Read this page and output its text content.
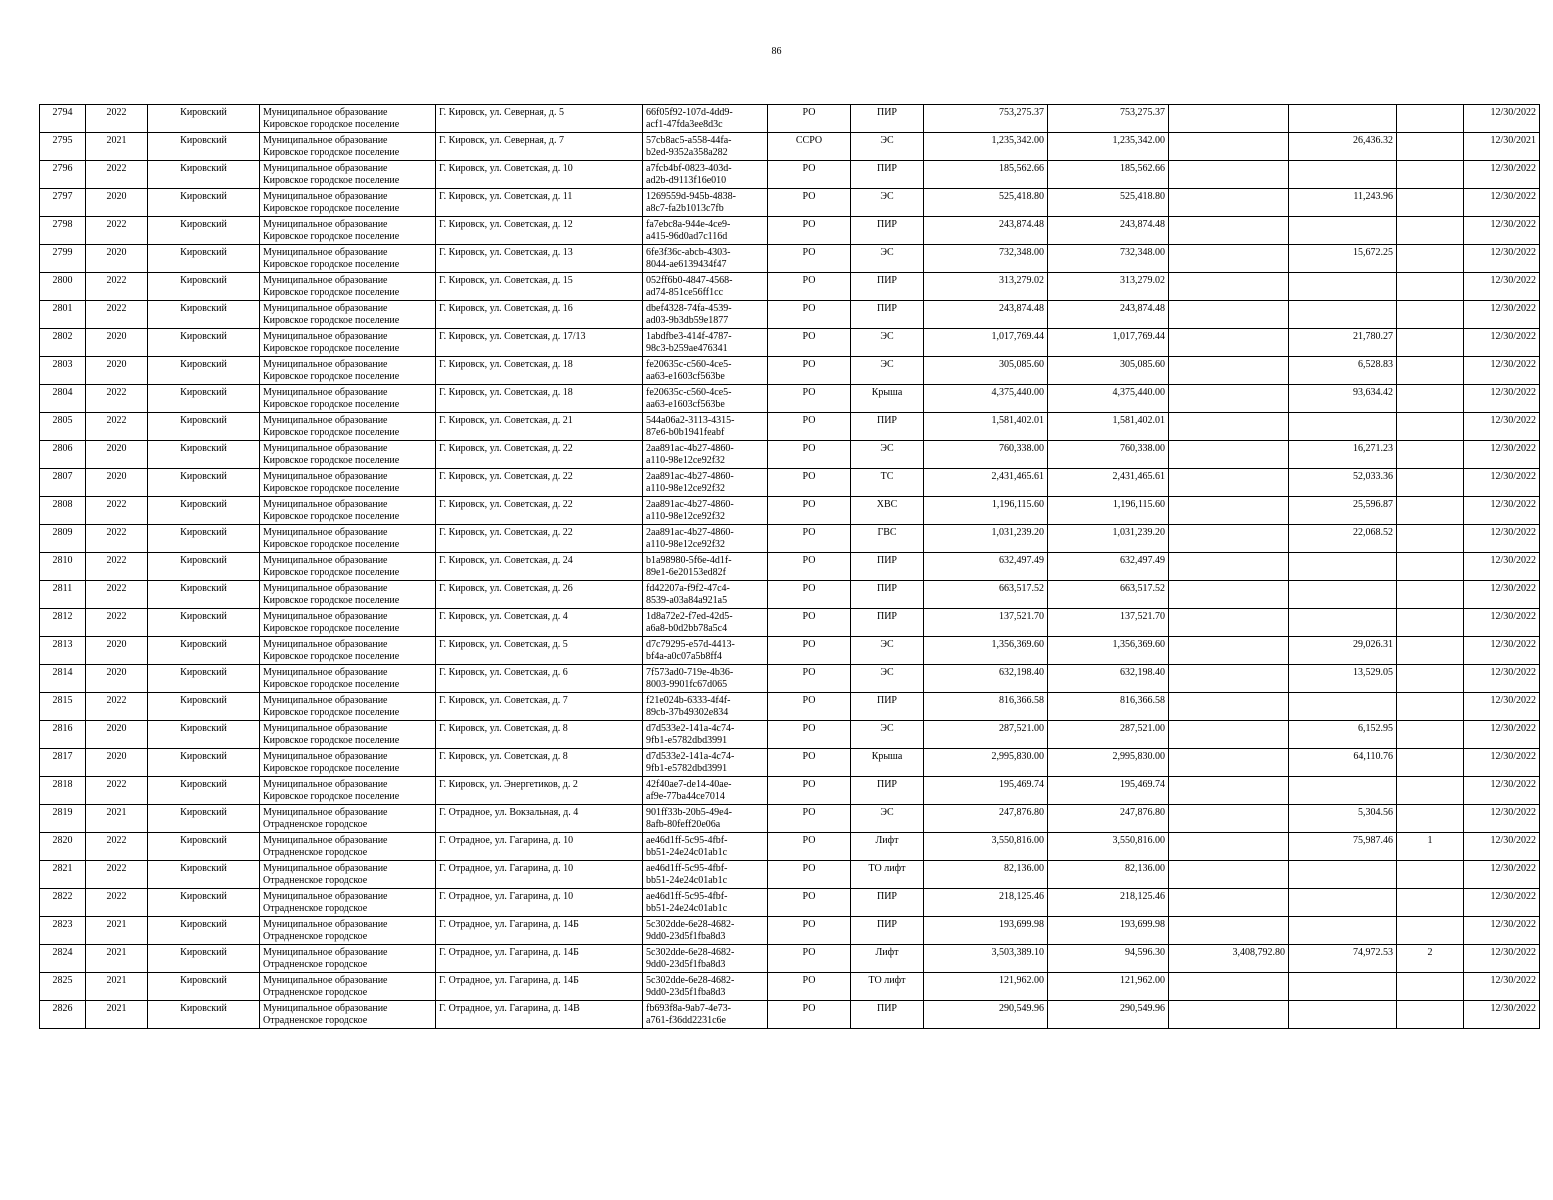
86
2794	2022	Кировский	Муниципальное образование
Кировское городское поселение	Г. Кировск, ул. Северная, д. 5	66f05f92-107d-4dd9-
acf1-47fda3ee8d3c	РО	ПИР	753,275.37	753,275.37				12/30/2022
2795	2021	Кировский	Муниципальное образование
Кировское городское поселение	Г. Кировск, ул. Северная, д. 7	57cb8ac5-a558-44fa-
b2ed-9352a358a282	ССРО	ЭС	1,235,342.00	1,235,342.00		26,436.32		12/30/2021
2796	2022	Кировский	Муниципальное образование
Кировское городское поселение	Г. Кировск, ул. Советская, д. 10	a7fcb4bf-0823-403d-
ad2b-d9113f16e010	РО	ПИР	185,562.66	185,562.66				12/30/2022
2797	2020	Кировский	Муниципальное образование
Кировское городское поселение	Г. Кировск, ул. Советская, д. 11	1269559d-945b-4838-
a8c7-fa2b1013c7fb	РО	ЭС	525,418.80	525,418.80		11,243.96		12/30/2022
2798	2022	Кировский	Муниципальное образование
Кировское городское поселение	Г. Кировск, ул. Советская, д. 12	fa7ebc8a-944e-4ce9-
a415-96d0ad7c116d	РО	ПИР	243,874.48	243,874.48				12/30/2022
2799	2020	Кировский	Муниципальное образование
Кировское городское поселение	Г. Кировск, ул. Советская, д. 13	6fe3f36c-abcb-4303-
8044-ae6139434f47	РО	ЭС	732,348.00	732,348.00		15,672.25		12/30/2022
2800	2022	Кировский	Муниципальное образование
Кировское городское поселение	Г. Кировск, ул. Советская, д. 15	052ff6b0-4847-4568-
ad74-851ce56ff1cc	РО	ПИР	313,279.02	313,279.02				12/30/2022
2801	2022	Кировский	Муниципальное образование
Кировское городское поселение	Г. Кировск, ул. Советская, д. 16	dbef4328-74fa-4539-
ad03-9b3db59e1877	РО	ПИР	243,874.48	243,874.48				12/30/2022
2802	2020	Кировский	Муниципальное образование
Кировское городское поселение	Г. Кировск, ул. Советская, д. 17/13	1abdfbe3-414f-4787-
98c3-b259ae476341	РО	ЭС	1,017,769.44	1,017,769.44		21,780.27		12/30/2022
2803	2020	Кировский	Муниципальное образование
Кировское городское поселение	Г. Кировск, ул. Советская, д. 18	fe20635c-c560-4ce5-
aa63-e1603cf563be	РО	ЭС	305,085.60	305,085.60		6,528.83		12/30/2022
2804	2022	Кировский	Муниципальное образование
Кировское городское поселение	Г. Кировск, ул. Советская, д. 18	fe20635c-c560-4ce5-
aa63-e1603cf563be	РО	Крыша	4,375,440.00	4,375,440.00		93,634.42		12/30/2022
2805	2022	Кировский	Муниципальное образование
Кировское городское поселение	Г. Кировск, ул. Советская, д. 21	544a06a2-3113-4315-
87e6-b0b1941feabf	РО	ПИР	1,581,402.01	1,581,402.01				12/30/2022
2806	2020	Кировский	Муниципальное образование
Кировское городское поселение	Г. Кировск, ул. Советская, д. 22	2aa891ac-4b27-4860-
a110-98e12ce92f32	РО	ЭС	760,338.00	760,338.00		16,271.23		12/30/2022
2807	2020	Кировский	Муниципальное образование
Кировское городское поселение	Г. Кировск, ул. Советская, д. 22	2aa891ac-4b27-4860-
a110-98e12ce92f32	РО	ТС	2,431,465.61	2,431,465.61		52,033.36		12/30/2022
2808	2022	Кировский	Муниципальное образование
Кировское городское поселение	Г. Кировск, ул. Советская, д. 22	2aa891ac-4b27-4860-
a110-98e12ce92f32	РО	ХВС	1,196,115.60	1,196,115.60		25,596.87		12/30/2022
2809	2022	Кировский	Муниципальное образование
Кировское городское поселение	Г. Кировск, ул. Советская, д. 22	2aa891ac-4b27-4860-
a110-98e12ce92f32	РО	ГВС	1,031,239.20	1,031,239.20		22,068.52		12/30/2022
2810	2022	Кировский	Муниципальное образование
Кировское городское поселение	Г. Кировск, ул. Советская, д. 24	b1a98980-5f6e-4d1f-
89e1-6e20153ed82f	РО	ПИР	632,497.49	632,497.49				12/30/2022
2811	2022	Кировский	Муниципальное образование
Кировское городское поселение	Г. Кировск, ул. Советская, д. 26	fd42207a-f9f2-47c4-
8539-a03a84a921a5	РО	ПИР	663,517.52	663,517.52				12/30/2022
2812	2022	Кировский	Муниципальное образование
Кировское городское поселение	Г. Кировск, ул. Советская, д. 4	1d8a72e2-f7ed-42d5-
a6a8-b0d2bb78a5c4	РО	ПИР	137,521.70	137,521.70				12/30/2022
2813	2020	Кировский	Муниципальное образование
Кировское городское поселение	Г. Кировск, ул. Советская, д. 5	d7c79295-e57d-4413-
bf4a-a0c07a5b8ff4	РО	ЭС	1,356,369.60	1,356,369.60		29,026.31		12/30/2022
2814	2020	Кировский	Муниципальное образование
Кировское городское поселение	Г. Кировск, ул. Советская, д. 6	7f573ad0-719e-4b36-
8003-9901fc67d065	РО	ЭС	632,198.40	632,198.40		13,529.05		12/30/2022
2815	2022	Кировский	Муниципальное образование
Кировское городское поселение	Г. Кировск, ул. Советская, д. 7	f21e024b-6333-4f4f-
89cb-37b49302e834	РО	ПИР	816,366.58	816,366.58				12/30/2022
2816	2020	Кировский	Муниципальное образование
Кировское городское поселение	Г. Кировск, ул. Советская, д. 8	d7d533e2-141a-4c74-
9fb1-e5782dbd3991	РО	ЭС	287,521.00	287,521.00		6,152.95		12/30/2022
2817	2020	Кировский	Муниципальное образование
Кировское городское поселение	Г. Кировск, ул. Советская, д. 8	d7d533e2-141a-4c74-
9fb1-e5782dbd3991	РО	Крыша	2,995,830.00	2,995,830.00		64,110.76		12/30/2022
2818	2022	Кировский	Муниципальное образование
Кировское городское поселение	Г. Кировск, ул. Энергетиков, д. 2	42f40ae7-de14-40ae-
af9e-77ba44ce7014	РО	ПИР	195,469.74	195,469.74				12/30/2022
2819	2021	Кировский	Муниципальное образование
Отрадненское городское	Г. Отрадное, ул. Вокзальная, д. 4	901ff33b-20b5-49e4-
8afb-80feff20e06a	РО	ЭС	247,876.80	247,876.80		5,304.56		12/30/2022
2820	2022	Кировский	Муниципальное образование
Отрадненское городское	Г. Отрадное, ул. Гагарина, д. 10	ae46d1ff-5c95-4fbf-
bb51-24e24c01ab1c	РО	Лифт	3,550,816.00	3,550,816.00		75,987.46	1	12/30/2022
2821	2022	Кировский	Муниципальное образование
Отрадненское городское	Г. Отрадное, ул. Гагарина, д. 10	ae46d1ff-5c95-4fbf-
bb51-24e24c01ab1c	РО	ТО лифт	82,136.00	82,136.00				12/30/2022
2822	2022	Кировский	Муниципальное образование
Отрадненское городское	Г. Отрадное, ул. Гагарина, д. 10	ae46d1ff-5c95-4fbf-
bb51-24e24c01ab1c	РО	ПИР	218,125.46	218,125.46				12/30/2022
2823	2021	Кировский	Муниципальное образование
Отрадненское городское	Г. Отрадное, ул. Гагарина, д. 14Б	5c302dde-6e28-4682-
9dd0-23d5f1fba8d3	РО	ПИР	193,699.98	193,699.98				12/30/2022
2824	2021	Кировский	Муниципальное образование
Отрадненское городское	Г. Отрадное, ул. Гагарина, д. 14Б	5c302dde-6e28-4682-
9dd0-23d5f1fba8d3	РО	Лифт	3,503,389.10	94,596.30	3,408,792.80	74,972.53	2	12/30/2022
2825	2021	Кировский	Муниципальное образование
Отрадненское городское	Г. Отрадное, ул. Гагарина, д. 14Б	5c302dde-6e28-4682-
9dd0-23d5f1fba8d3	РО	ТО лифт	121,962.00	121,962.00				12/30/2022
2826	2021	Кировский	Муниципальное образование
Отрадненское городское	Г. Отрадное, ул. Гагарина, д. 14В	fb693f8a-9ab7-4e73-
a761-f36dd2231c6e	РО	ПИР	290,549.96	290,549.96				12/30/2022
